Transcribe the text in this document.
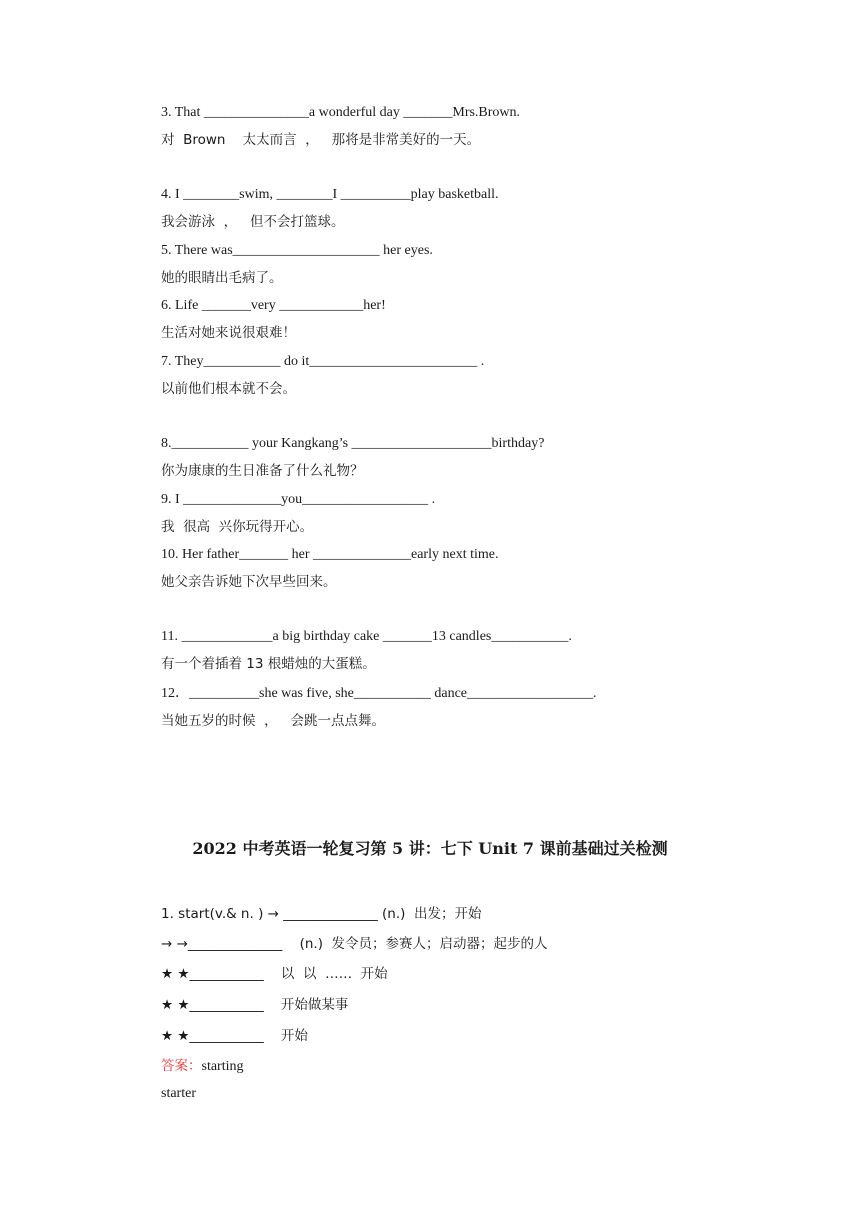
3. That _______________a wonderful day _______Mrs.Brown.
对  Brown    太太而言  ，   那将是非常美好的一天。
4. I ________swim, ________I __________play basketball.
我会游泳  ，   但不会打篮球。
5. There was_____________________ her eyes.
她的眼睛出毛病了。
6. Life _______very ____________her!
生活对她来说很艰难！
7. They___________ do it________________________ .
以前他们根本就不会。
8.___________ your Kangkang’s ____________________birthday?
你为康康的生日准备了什么礼物？
9. I ______________you__________________ .
我  很高  兴你玩得开心。
10. Her father_______ her ______________early next time.
她父亲告诉她下次早些回来。
11. _____________a big birthday cake _______13 candles___________.
有一个着插着 13 根蜡烛的大蛋糕。
12．__________she was five, she___________ dance__________________.
当她五岁的时候  ，   会跳一点点舞。
2022 中考英语一轮复习第 5 讲：七下 Unit 7 课前基础过关检测
1. start(v.& n. ) → ______________ (n.)  出发；开始
→ →______________    (n.)  发令员；参赛人；启动器；起步的人
★ ★___________    以  以  ……  开始
★ ★___________    开始做某事
★ ★___________    开始
答案：starting
starter
